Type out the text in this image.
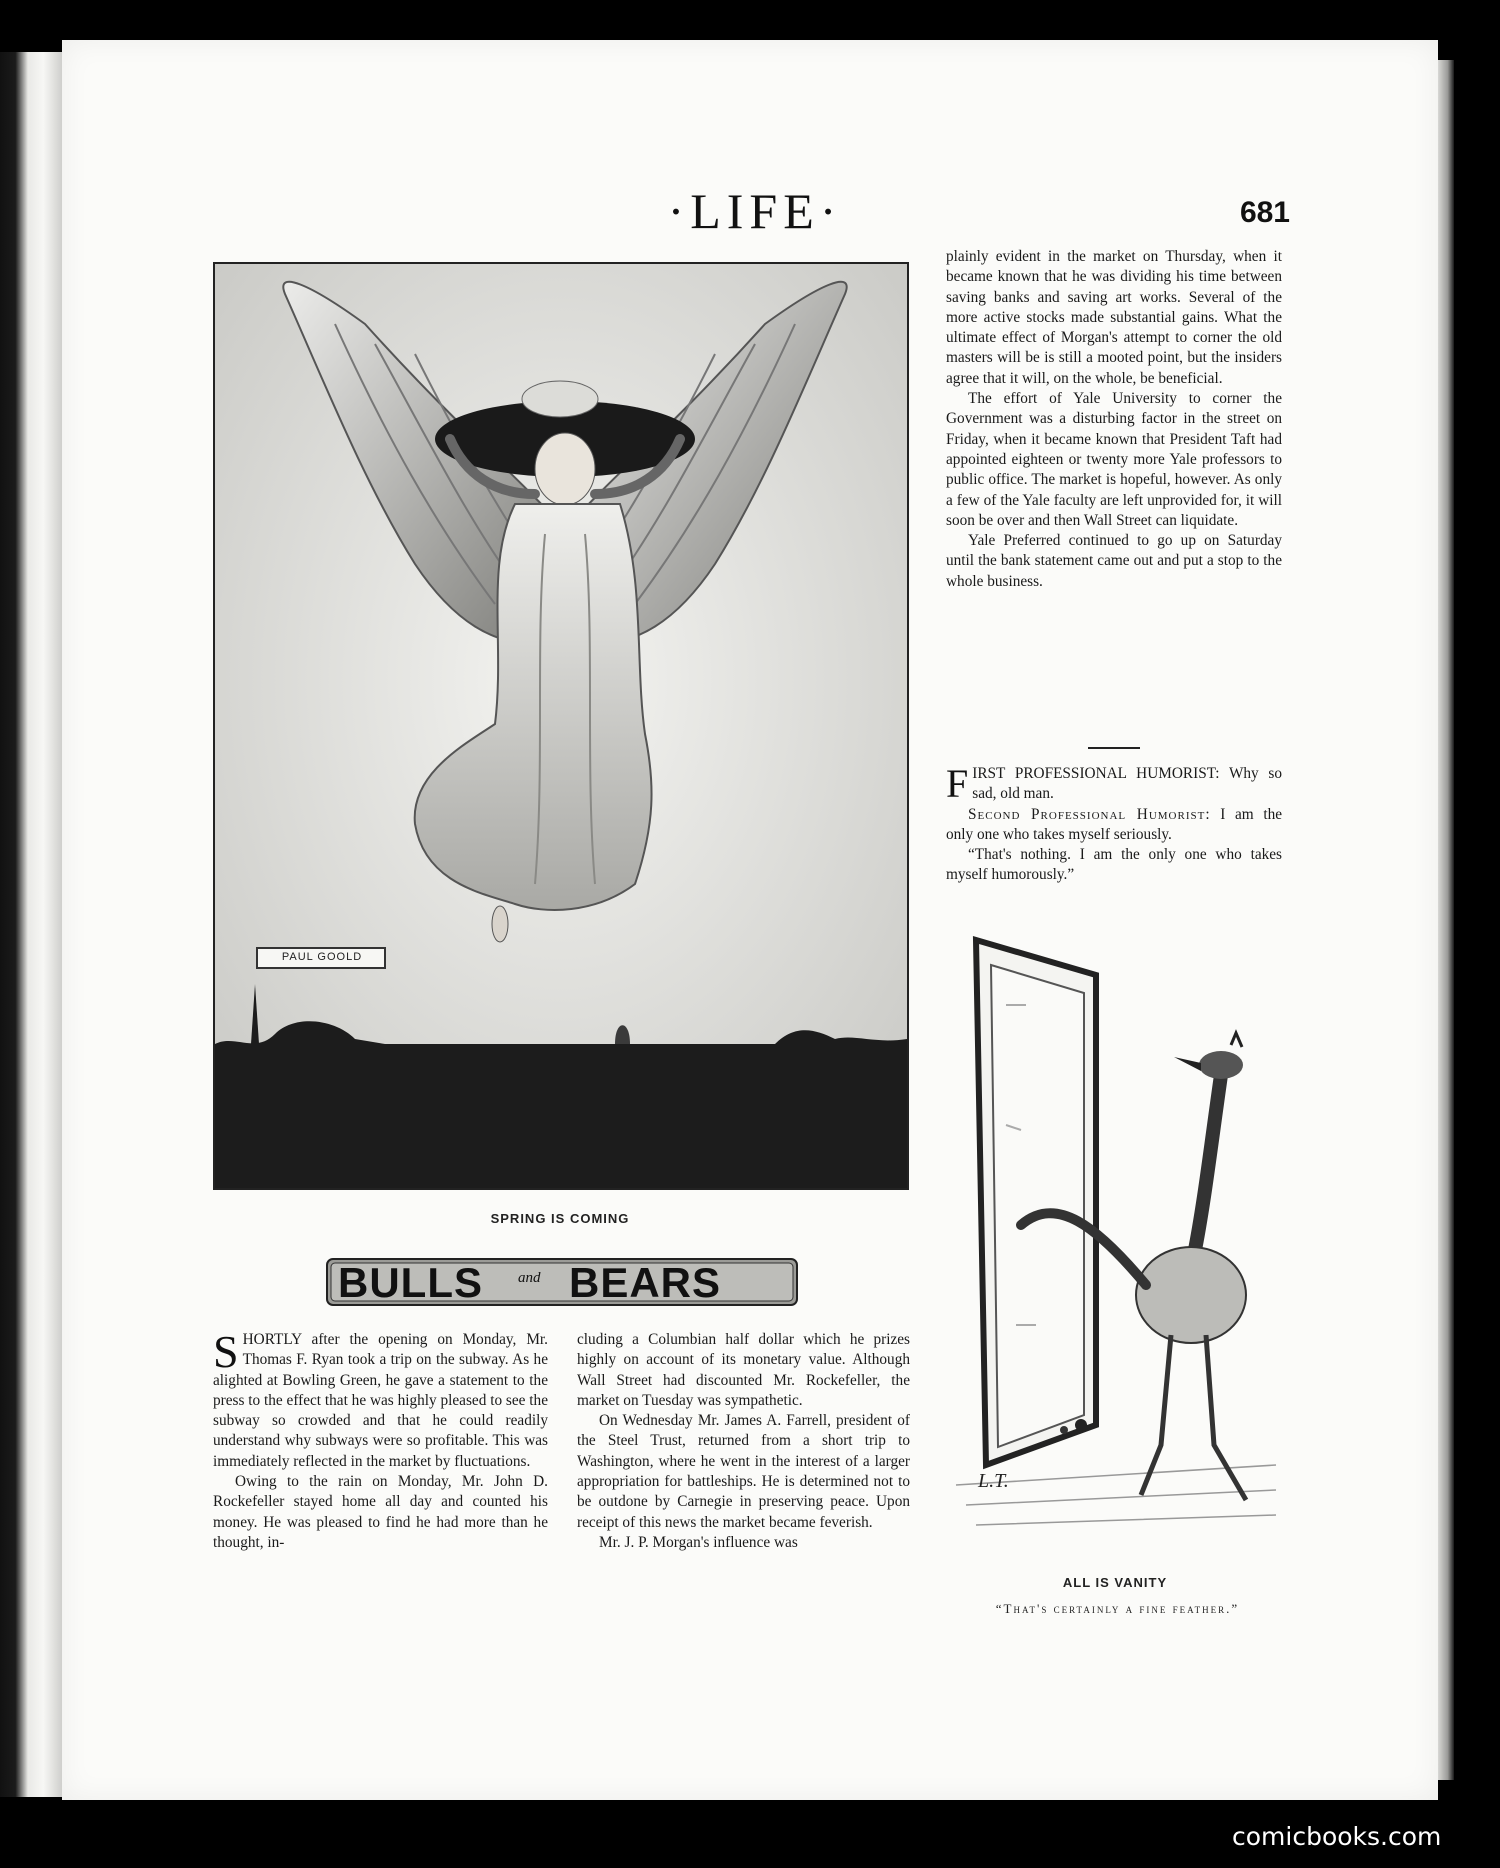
·LIFE·	681
PAUL GOOLD
SPRING IS COMING
BULLS	and BEARS

SHORTLY after the opening on Monday, Mr. Thomas F. Ryan took a trip on the subway. As he alighted at Bowling Green, he gave a statement to the press to the effect that he was highly pleased to see the subway so crowded and that he could readily understand why subways were so profitable. This was immediately reflected in the market by fluctuations.

Owing to the rain on Monday, Mr. John D. Rockefeller stayed home all day and counted his money. He was pleased to find he had more than he thought, in-

cluding a Columbian half dollar which he prizes highly on account of its monetary value. Although Wall Street had discounted Mr. Rockefeller, the market on Tuesday was sympathetic.

On Wednesday Mr. James A. Farrell, president of the Steel Trust, returned from a short trip to Washington, where he went in the interest of a larger appropriation for battleships. He is determined not to be outdone by Carnegie in preserving peace. Upon receipt of this news the market became feverish.

Mr. J. P. Morgan's influence was

plainly evident in the market on Thursday, when it became known that he was dividing his time between saving banks and saving art works. Several of the more active stocks made substantial gains. What the ultimate effect of Morgan's attempt to corner the old masters will be is still a mooted point, but the insiders agree that it will, on the whole, be beneficial.

The effort of Yale University to corner the Government was a disturbing factor in the street on Friday, when it became known that President Taft had appointed eighteen or twenty more Yale professors to public office. The market is hopeful, however. As only a few of the Yale faculty are left unprovided for, it will soon be over and then Wall Street can liquidate.

Yale Preferred continued to go up on Saturday until the bank statement came out and put a stop to the whole business.

FIRST PROFESSIONAL HUMORIST: Why so sad, old man.

Second Professional Humorist: I am the only one who takes myself seriously.

“That's nothing. I am the only one who takes myself humorously.”

L.T.
ALL IS VANITY
“That's certainly a fine feather.”
comicbooks.com
